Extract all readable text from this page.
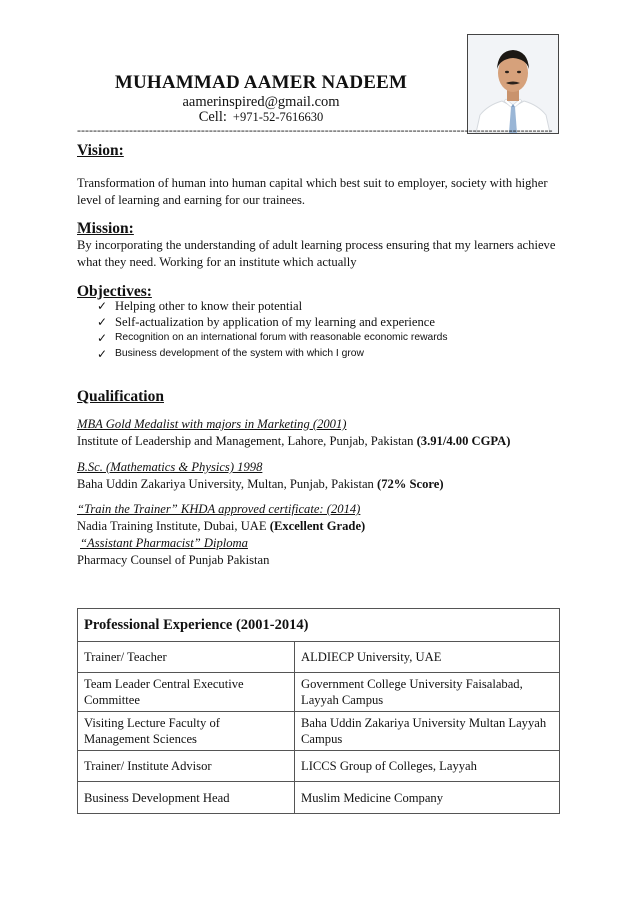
MUHAMMAD AAMER NADEEM
aamerinspired@gmail.com
Cell: +971-52-7616630
-----------------------------------------------------------------------------------------------------------------------
Vision:

Transformation of human into human capital which best suit to employer, society with higher level of learning and earning for our trainees.

Mission:

By incorporating the understanding of adult learning process ensuring that my learners achieve what they need. Working for an institute which actually

Objectives:
✓ Helping other to know their potential
✓ Self-actualization by application of my learning and experience
✓ Recognition on an international forum with reasonable economic rewards
✓ Business development of the system with which I grow
Qualification
MBA Gold Medalist with majors in Marketing (2001)
Institute of Leadership and Management, Lahore, Punjab, Pakistan (3.91/4.00 CGPA)
B.Sc. (Mathematics & Physics) 1998
Baha Uddin Zakariya University, Multan, Punjab, Pakistan (72% Score)
“Train the Trainer” KHDA approved certificate: (2014)
Nadia Training Institute, Dubai, UAE (Excellent Grade)
“Assistant Pharmacist” Diploma
Pharmacy Counsel of Punjab Pakistan
Professional Experience (2001-2014)	
Trainer/ Teacher	ALDIECP University, UAE
Team Leader Central Executive Committee	Government College University Faisalabad, Layyah Campus
Visiting Lecture Faculty of Management Sciences	Baha Uddin Zakariya University Multan Layyah Campus
Trainer/ Institute Advisor	LICCS Group of Colleges, Layyah
Business Development Head	Muslim Medicine Company
